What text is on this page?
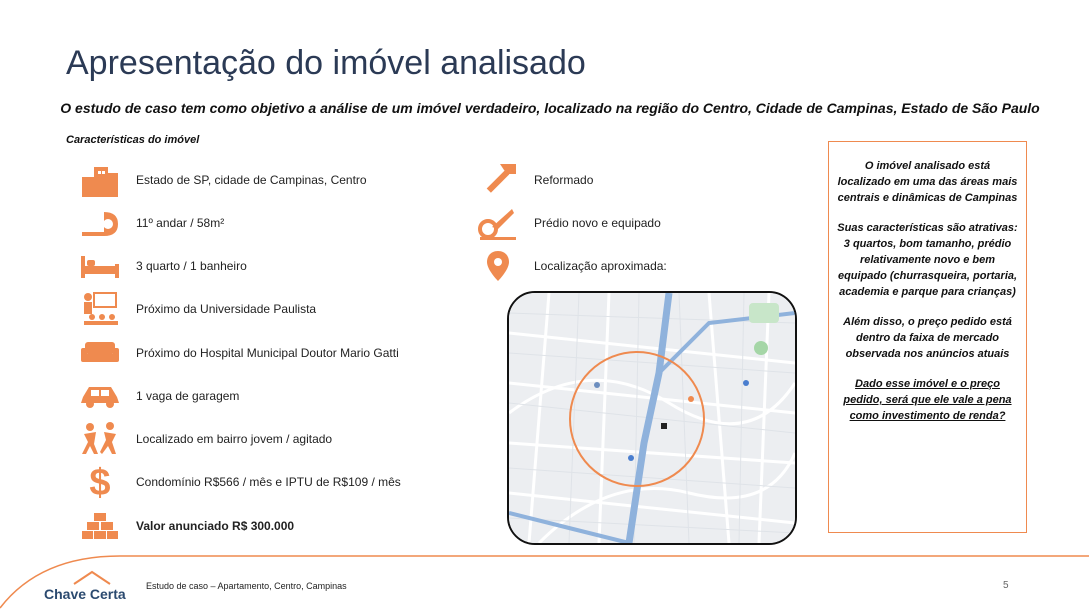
Apresentação do imóvel analisado
O estudo de caso tem como objetivo a análise de um imóvel verdadeiro, localizado na região do Centro, Cidade de Campinas, Estado de São Paulo
Características do imóvel
Estado de SP, cidade de Campinas, Centro
11º andar / 58m²
3 quarto / 1 banheiro
Próximo da Universidade Paulista
Próximo do Hospital Municipal Doutor Mario Gatti
1 vaga de garagem
Localizado em bairro jovem / agitado
$ Condomínio R$566 / mês e IPTU de R$109 / mês
Valor anunciado R$ 300.000
Reformado
Prédio novo e equipado
Localização aproximada:

O imóvel analisado está localizado em uma das áreas mais centrais e dinâmicas de Campinas

Suas características são atrativas: 3 quartos, bom tamanho, prédio relativamente novo e bem equipado (churrasqueira, portaria, academia e parque para crianças)

Além disso, o preço pedido está dentro da faixa de mercado observada nos anúncios atuais

Dado esse imóvel e o preço pedido, será que ele vale a pena como investimento de renda?

Chave Certa Estudo de caso – Apartamento, Centro, Campinas	5
